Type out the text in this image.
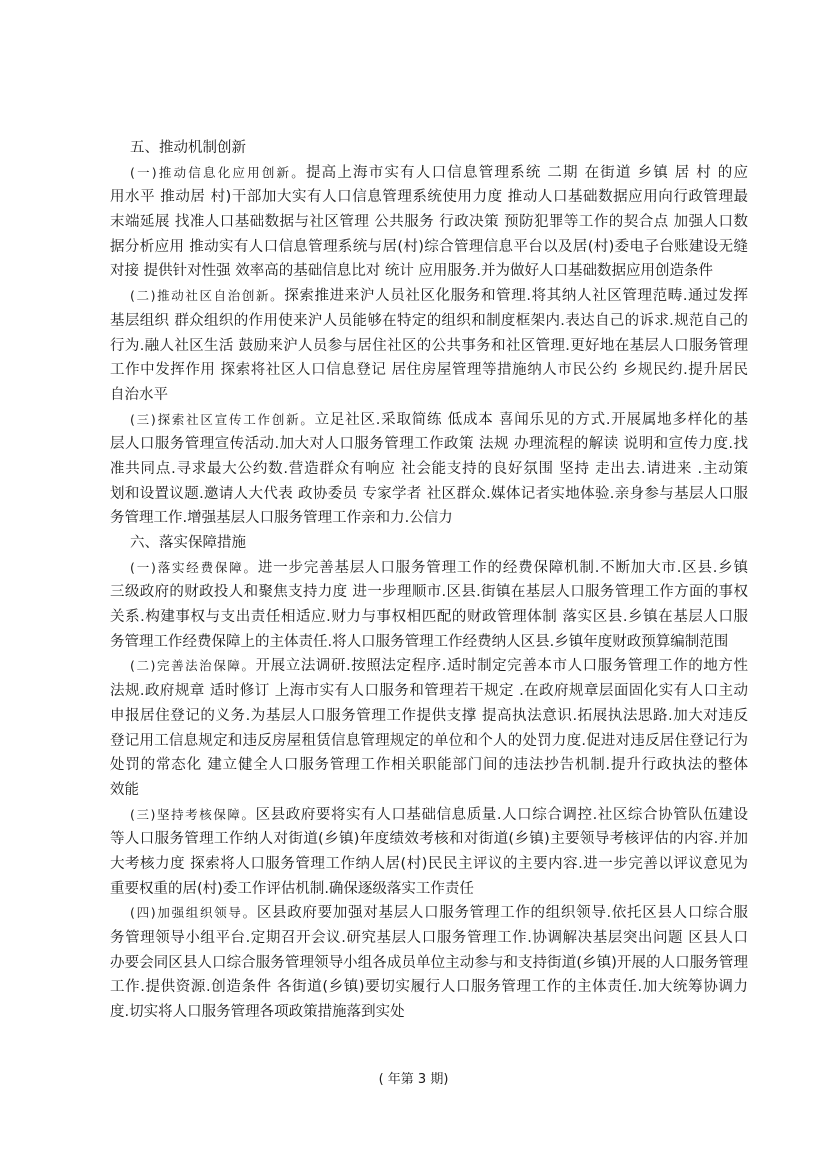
五、推动机制创新
(一)推动信息化应用创新。提高上海市实有人口信息管理系统 二期 在街道 乡镇 居 村 的应
用水平 推动居 村)干部加大实有人口信息管理系统使用力度 推动人口基础数据应用向行政管理最
末端延展 找准人口基础数据与社区管理 公共服务 行政决策 预防犯罪等工作的契合点 加强人口数
据分析应用 推动实有人口信息管理系统与居(村)综合管理信息平台以及居(村)委电子台账建设无缝
对接 提供针对性强 效率高的基础信息比对 统计 应用服务.并为做好人口基础数据应用创造条件
(二)推动社区自治创新。探索推进来沪人员社区化服务和管理.将其纳人社区管理范畴.通过发挥
基层组织 群众组织的作用使来沪人员能够在特定的组织和制度框架内.表达自己的诉求.规范自己的
行为.融人社区生活 鼓励来沪人员参与居住社区的公共事务和社区管理.更好地在基层人口服务管理
工作中发挥作用 探索将社区人口信息登记 居住房屋管理等措施纳人市民公约 乡规民约.提升居民
自治水平
(三)探索社区宣传工作创新。立足社区.采取简练 低成本 喜闻乐见的方式.开展属地多样化的基
层人口服务管理宣传活动.加大对人口服务管理工作政策 法规 办理流程的解读 说明和宣传力度.找
准共同点.寻求最大公约数.营造群众有响应 社会能支持的良好氛围 坚持 走出去.请进来 .主动策
划和设置议题.邀请人大代表 政协委员 专家学者 社区群众.媒体记者实地体验.亲身参与基层人口服
务管理工作.增强基层人口服务管理工作亲和力.公信力
六、落实保障措施
(一)落实经费保障。进一步完善基层人口服务管理工作的经费保障机制.不断加大市.区县.乡镇
三级政府的财政投人和聚焦支持力度 进一步理顺市.区县.街镇在基层人口服务管理工作方面的事权
关系.构建事权与支出责任相适应.财力与事权相匹配的财政管理体制 落实区县.乡镇在基层人口服
务管理工作经费保障上的主体责任.将人口服务管理工作经费纳人区县.乡镇年度财政预算编制范围
(二)完善法治保障。开展立法调研.按照法定程序.适时制定完善本市人口服务管理工作的地方性
法规.政府规章 适时修订 上海市实有人口服务和管理若干规定 .在政府规章层面固化实有人口主动
申报居住登记的义务.为基层人口服务管理工作提供支撑 提高执法意识.拓展执法思路.加大对违反
登记用工信息规定和违反房屋租赁信息管理规定的单位和个人的处罚力度.促进对违反居住登记行为
处罚的常态化 建立健全人口服务管理工作相关职能部门间的违法抄告机制.提升行政执法的整体
效能
(三)坚持考核保障。区县政府要将实有人口基础信息质量.人口综合调控.社区综合协管队伍建设
等人口服务管理工作纳人对街道(乡镇)年度绩效考核和对街道(乡镇)主要领导考核评估的内容.并加
大考核力度 探索将人口服务管理工作纳人居(村)民民主评议的主要内容.进一步完善以评议意见为
重要权重的居(村)委工作评估机制.确保逐级落实工作责任
(四)加强组织领导。区县政府要加强对基层人口服务管理工作的组织领导.依托区县人口综合服
务管理领导小组平台.定期召开会议.研究基层人口服务管理工作.协调解决基层突出问题 区县人口
办要会同区县人口综合服务管理领导小组各成员单位主动参与和支持街道(乡镇)开展的人口服务管理
工作.提供资源.创造条件 各街道(乡镇)要切实履行人口服务管理工作的主体责任.加大统筹协调力
度.切实将人口服务管理各项政策措施落到实处
( 年第 3 期)
